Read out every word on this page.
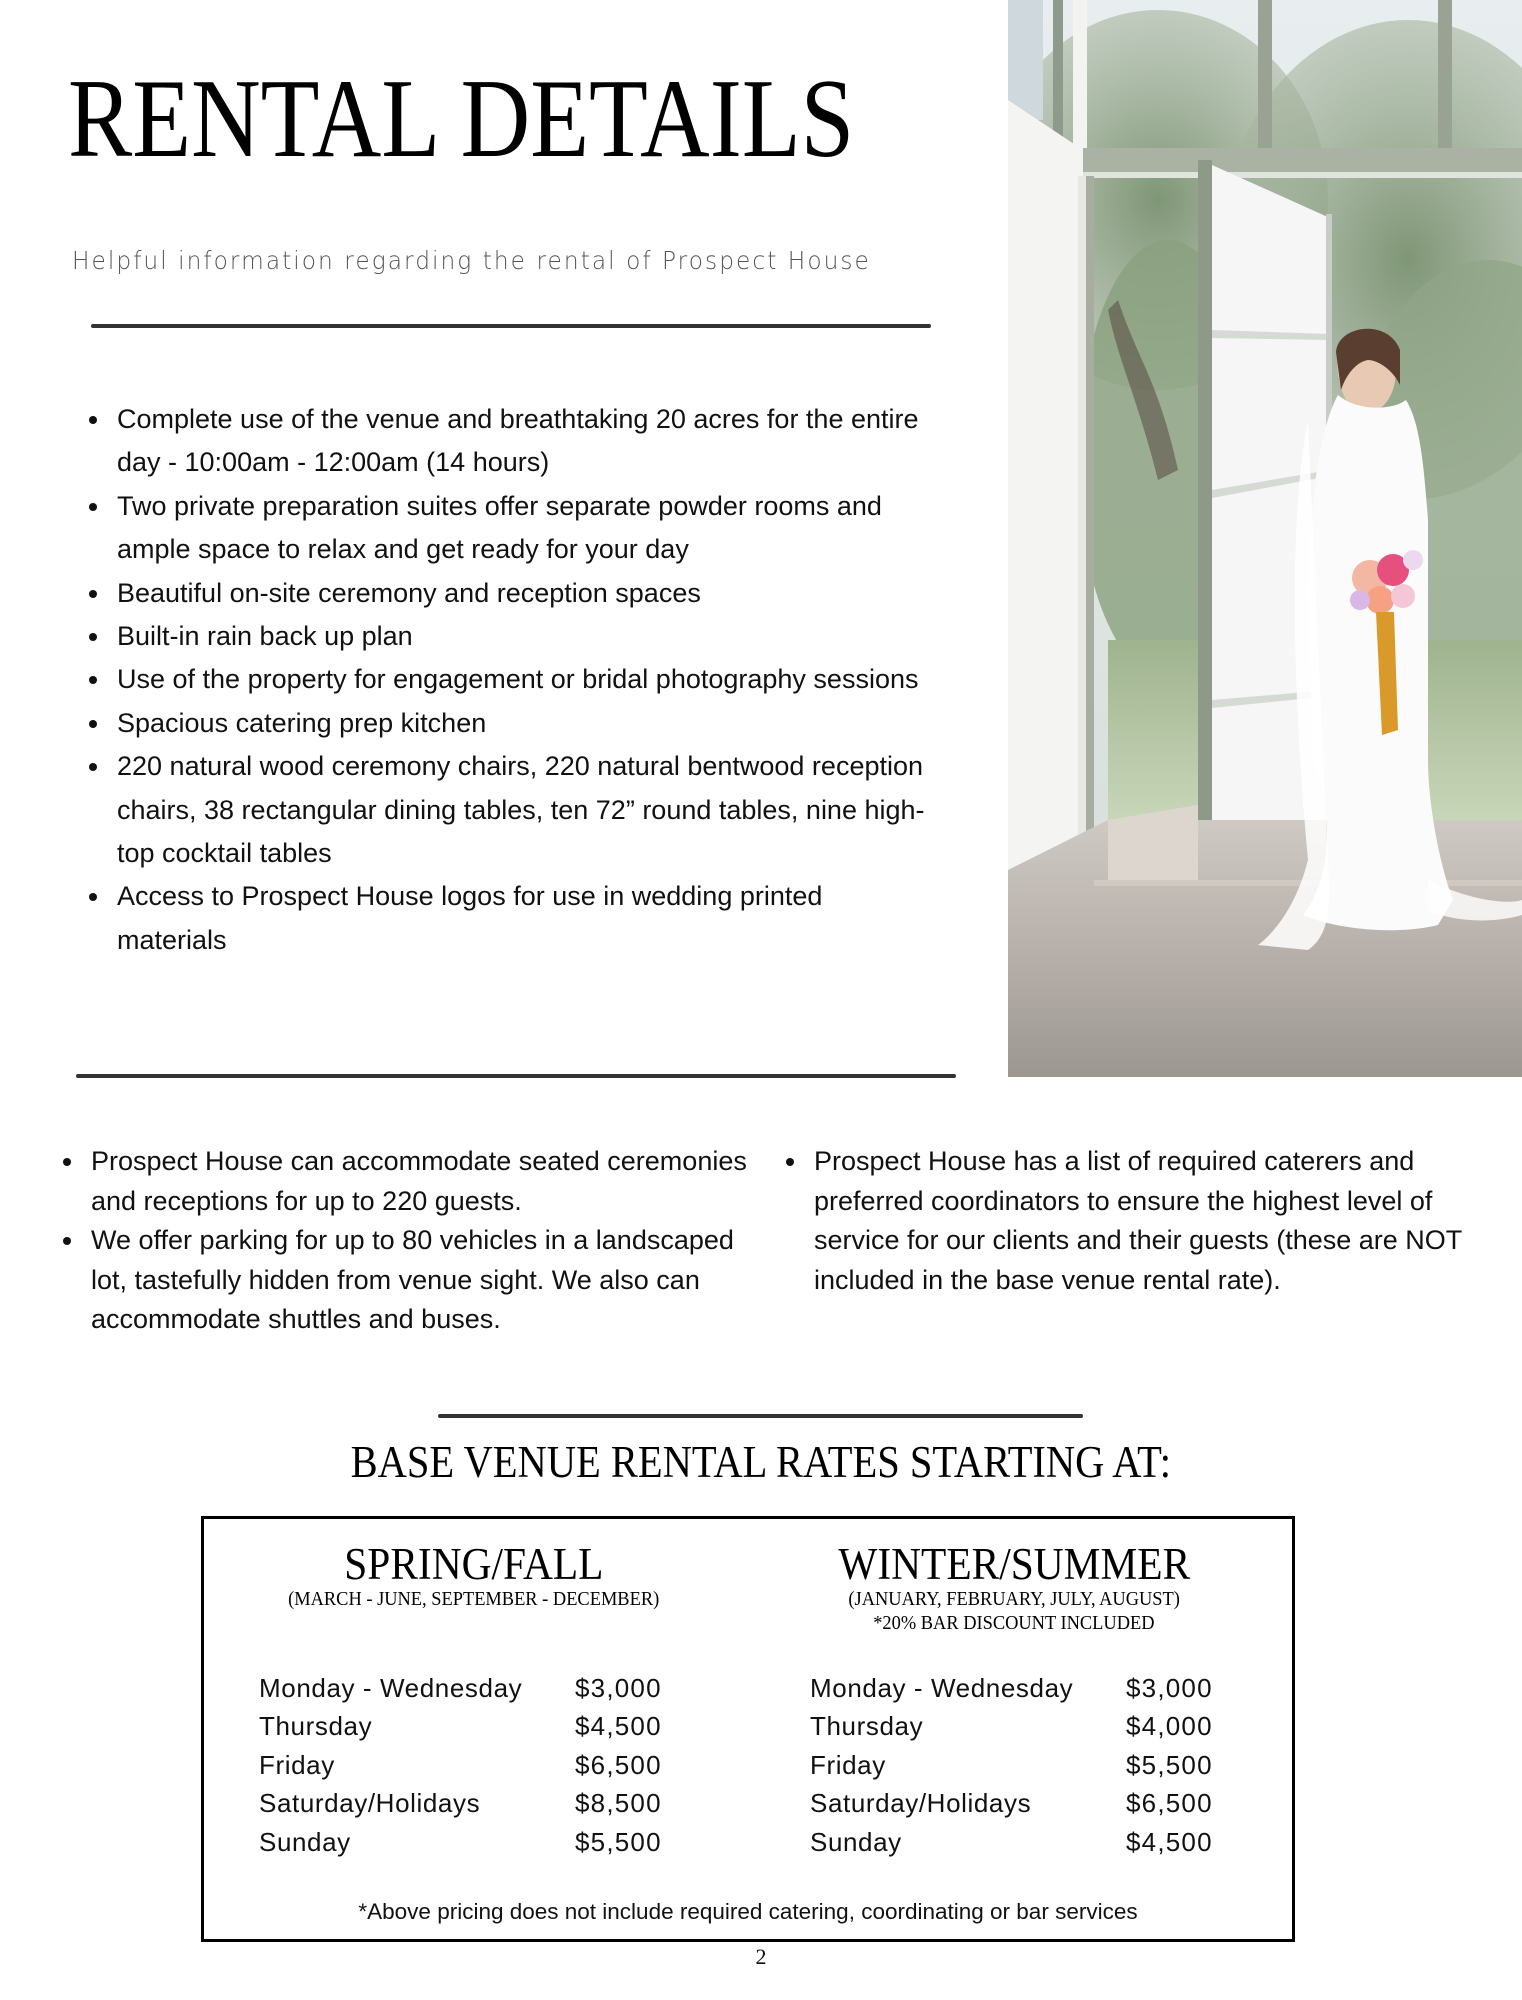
RENTAL DETAILS
Helpful information regarding the rental of Prospect House
Complete use of the venue and breathtaking 20 acres for the entire day - 10:00am - 12:00am (14 hours)
Two private preparation suites offer separate powder rooms and ample space to relax and get ready for your day
Beautiful on-site ceremony and reception spaces
Built-in rain back up plan
Use of the property for engagement or bridal photography sessions
Spacious catering prep kitchen
220 natural wood ceremony chairs, 220 natural bentwood reception chairs, 38 rectangular dining tables, ten 72” round tables, nine high-top cocktail tables
Access to Prospect House logos for use in wedding printed materials
Prospect House can accommodate seated ceremonies and receptions for up to 220 guests.
We offer parking for up to 80 vehicles in a landscaped lot, tastefully hidden from venue sight. We also can accommodate shuttles and buses.
Prospect House has a list of required caterers and preferred coordinators to ensure the highest level of service for our clients and their guests (these are NOT included in the base venue rental rate).
BASE VENUE RENTAL RATES STARTING AT:
SPRING/FALL
(MARCH - JUNE, SEPTEMBER - DECEMBER)
WINTER/SUMMER
(JANUARY, FEBRUARY, JULY, AUGUST)
*20% BAR DISCOUNT INCLUDED
Monday - Wednesday $3,000
Thursday	$4,500
Friday	$6,500
Saturday/Holidays	$8,500
Sunday	$5,500
Monday - Wednesday $3,000
Thursday	$4,000
Friday	$5,500
Saturday/Holidays	$6,500
Sunday	$4,500
*Above pricing does not include required catering, coordinating or bar services
2
